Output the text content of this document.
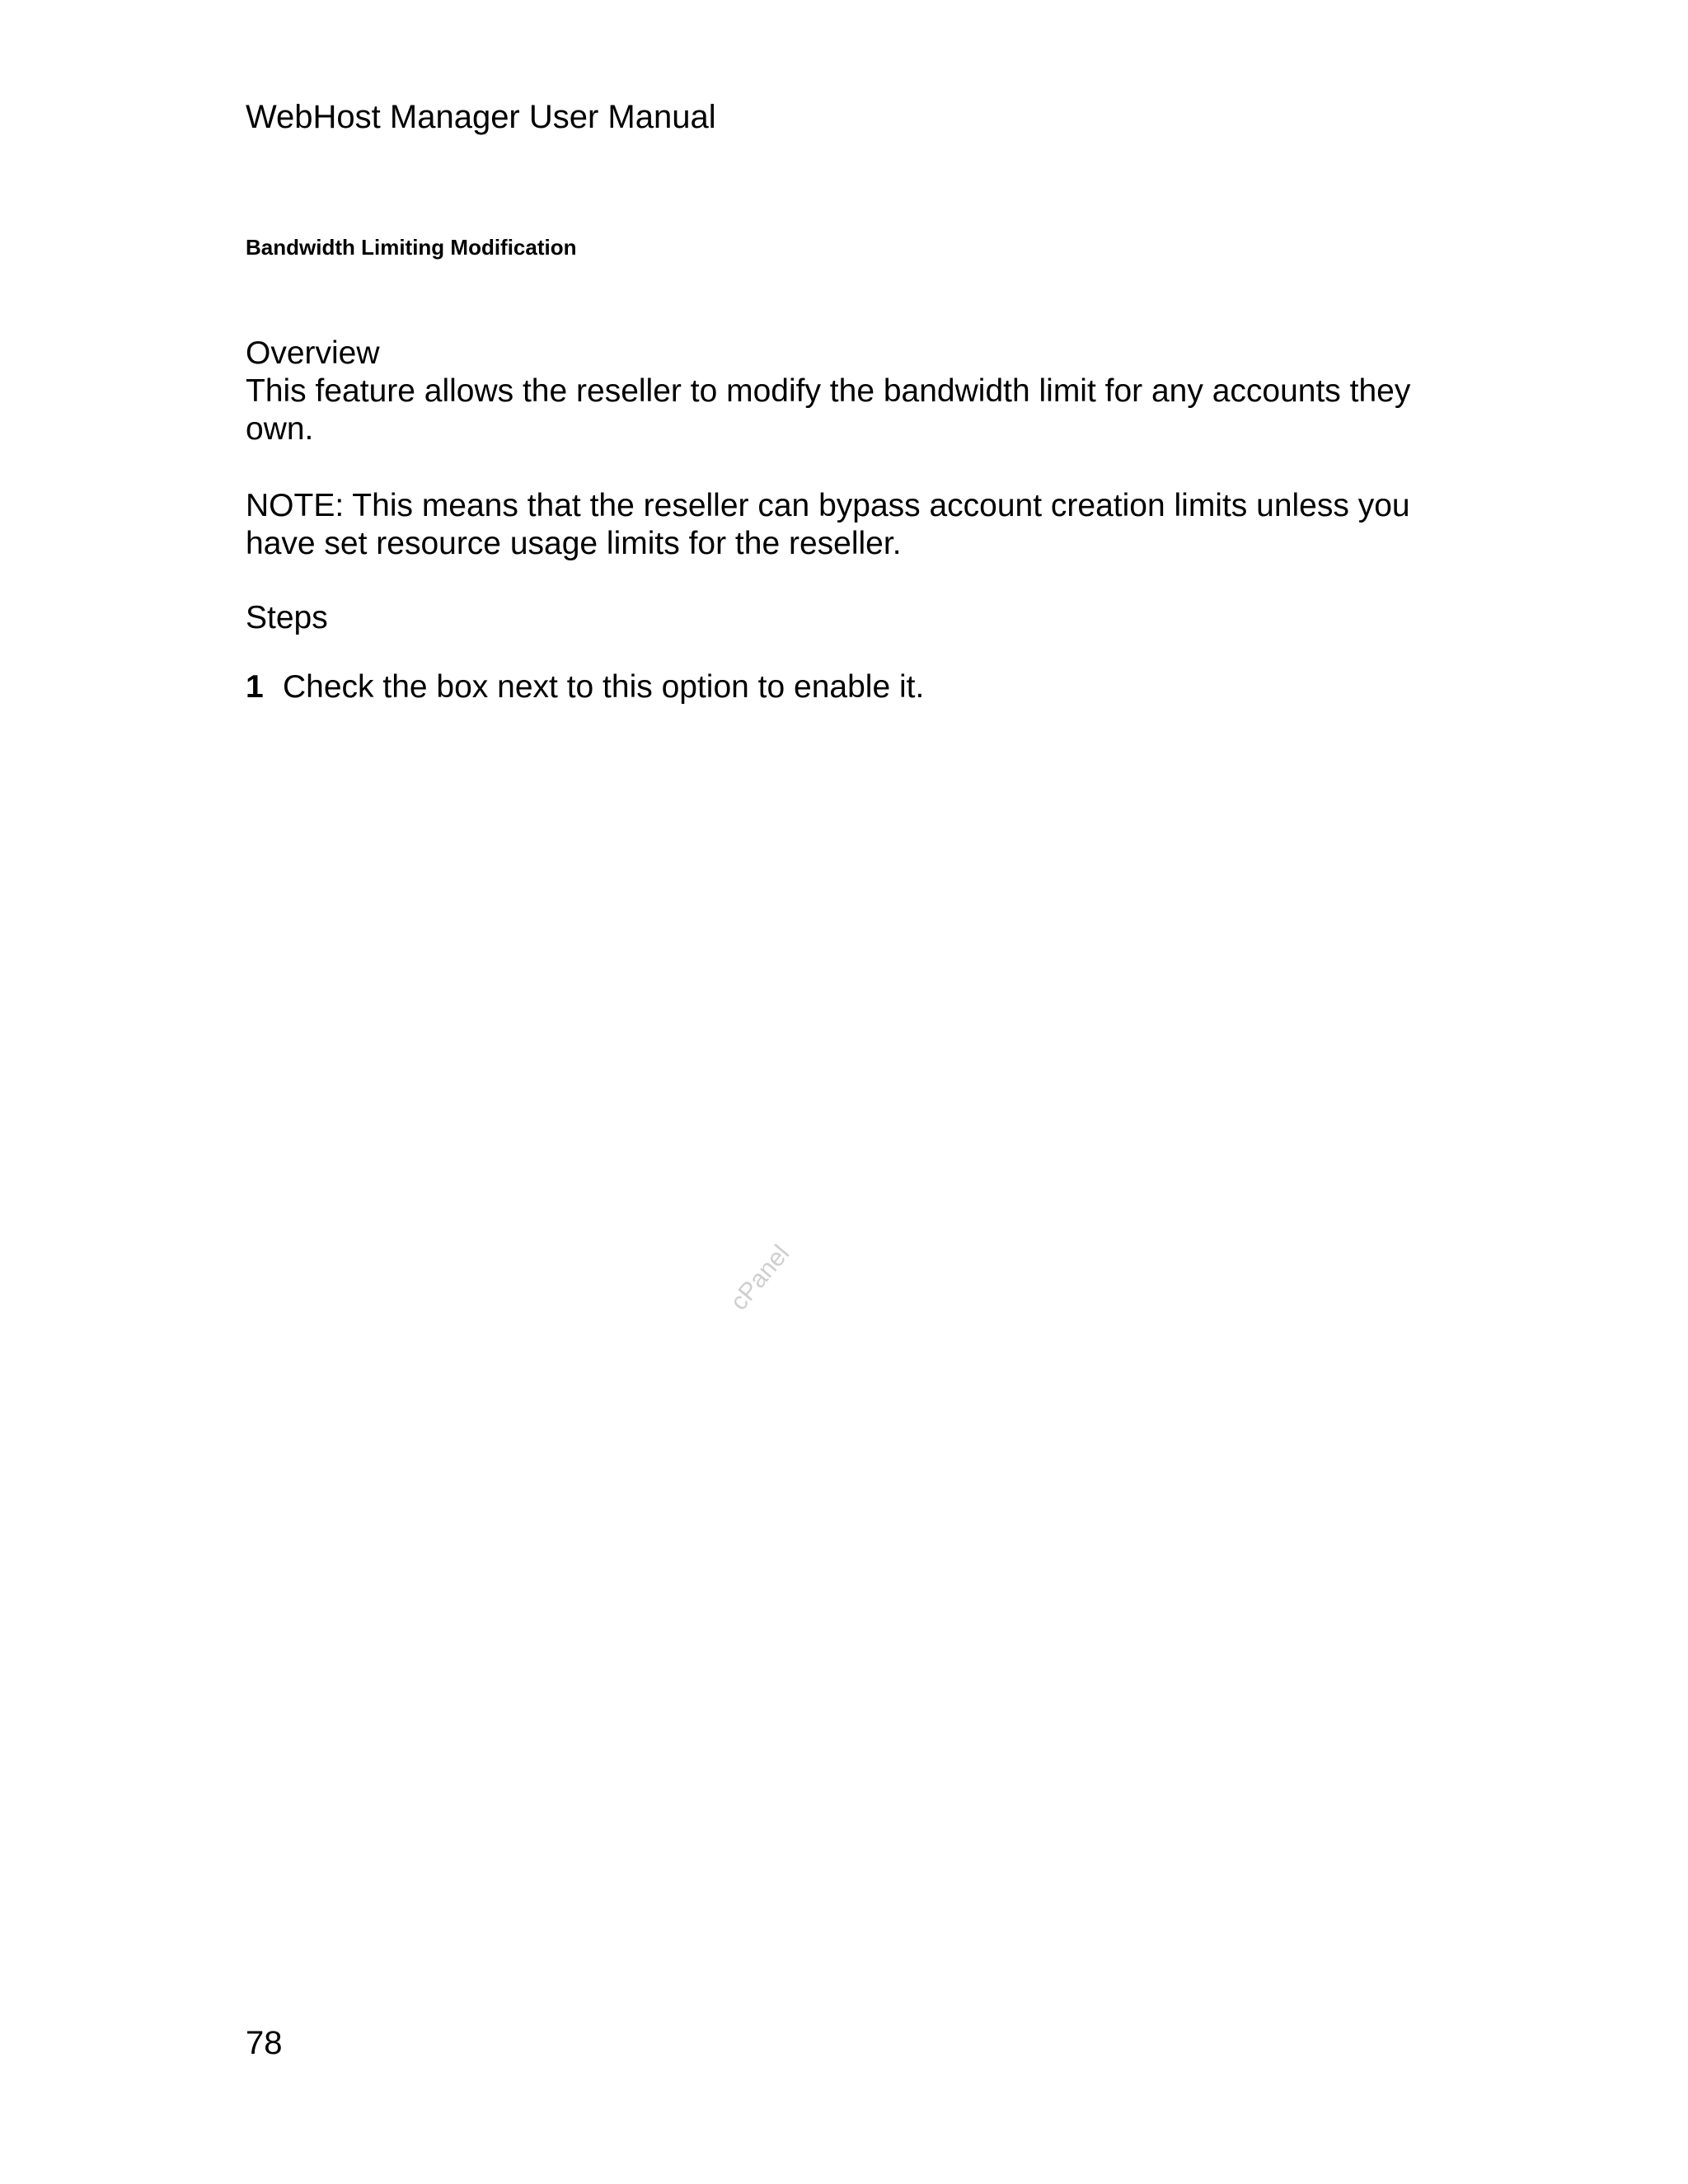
WebHost Manager User Manual
Bandwidth Limiting Modification
Overview
This feature allows the reseller to modify the bandwidth limit for any accounts they own.
NOTE: This means that the reseller can bypass account creation limits unless you have set resource usage limits for the reseller.
Steps
1 Check the box next to this option to enable it.
cPanel
78
